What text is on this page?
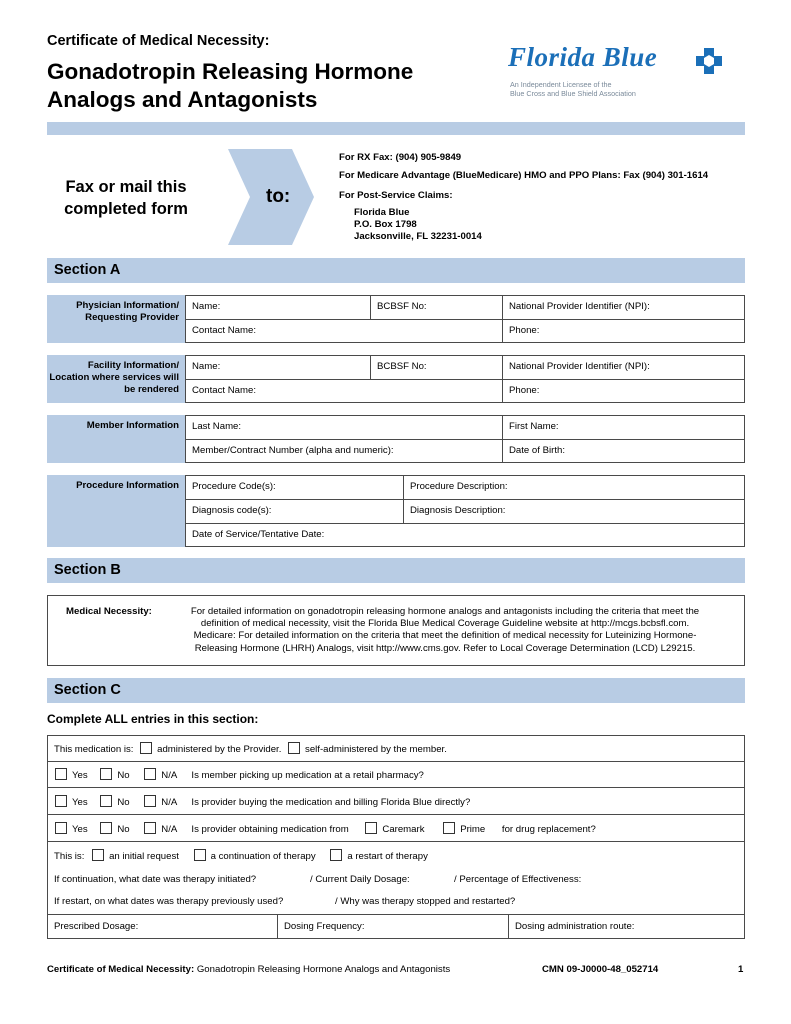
Certificate of Medical Necessity:
Gonadotropin Releasing Hormone
Analogs and Antagonists
Florida Blue
An Independent Licensee of the
Blue Cross and Blue Shield Association
Fax or mail this
completed form
to:
For RX Fax: (904) 905-9849
For Medicare Advantage (BlueMedicare) HMO and PPO Plans: Fax (904) 301-1614
For Post-Service Claims:
Florida Blue
P.O. Box 1798
Jacksonville, FL 32231-0014
Section A
Physician Information/ Requesting Provider
Name:	BCBSF No:	National Provider Identifier (NPI):
Contact Name:	Phone:
Facility Information/ Location where services will be rendered
Name:	BCBSF No:	National Provider Identifier (NPI):
Contact Name:	Phone:
Member Information	Last Name:	First Name:
Member/Contract Number (alpha and numeric):	Date of Birth:
Procedure Information	Procedure Code(s):	Procedure Description:
Diagnosis code(s):	Diagnosis Description:
Date of Service/Tentative Date:
Section B
Medical Necessity:	For detailed information on gonadotropin releasing hormone analogs and antagonists including the criteria that meet the
definition of medical necessity, visit the Florida Blue Medical Coverage Guideline website at http://mcgs.bcbsfl.com.
Medicare: For detailed information on the criteria that meet the definition of medical necessity for Luteinizing Hormone-
Releasing Hormone (LHRH) Analogs, visit http://www.cms.gov. Refer to Local Coverage Determination (LCD) L29215.
Section C
Complete ALL entries in this section:
This medication is: administered by the Provider. self-administered by the member.
Yes	No	N/A Is member picking up medication at a retail pharmacy?
Yes	No	N/A Is provider buying the medication and billing Florida Blue directly?
Yes	No	N/A Is provider obtaining medication from	Caremark	Prime for drug replacement?
This is:	an initial request	a continuation of therapy	a restart of therapy
If continuation, what date was therapy initiated?	/ Current Daily Dosage:	/ Percentage of Effectiveness:
If restart, on what dates was therapy previously used?	/ Why was therapy stopped and restarted?
Prescribed Dosage:	Dosing Frequency:	Dosing administration route:
Certificate of Medical Necessity: Gonadotropin Releasing Hormone Analogs and Antagonists	CMN 09-J0000-48_052714	1
